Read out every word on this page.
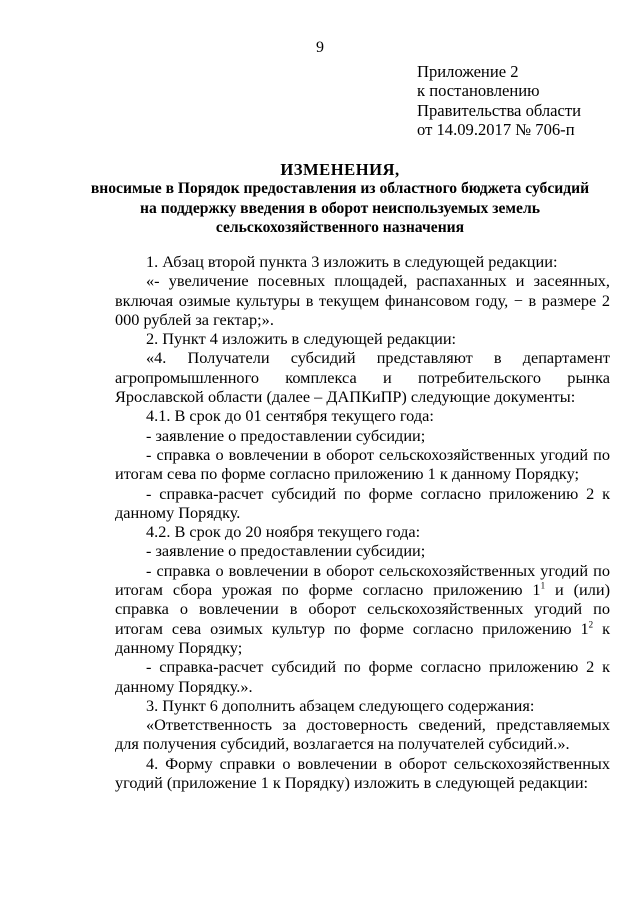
9
Приложение 2
к постановлению
Правительства области
от 14.09.2017 № 706-п
ИЗМЕНЕНИЯ,
вносимые в Порядок предоставления из областного бюджета субсидий
на поддержку введения в оборот неиспользуемых земель
сельскохозяйственного назначения

1. Абзац второй пункта 3 изложить в следующей редакции:

«- увеличение посевных площадей, распаханных и засеянных, включая озимые культуры в текущем финансовом году, − в размере 2 000 рублей за гектар;».

2. Пункт 4 изложить в следующей редакции:

«4. Получатели субсидий представляют в департамент агропромышленного комплекса и потребительского рынка Ярославской области (далее – ДАПКиПР) следующие документы:

4.1. В срок до 01 сентября текущего года:

- заявление о предоставлении субсидии;

- справка о вовлечении в оборот сельскохозяйственных угодий по итогам сева по форме согласно приложению 1 к данному Порядку;

- справка-расчет субсидий по форме согласно приложению 2 к данному Порядку.

4.2. В срок до 20 ноября текущего года:

- заявление о предоставлении субсидии;

- справка о вовлечении в оборот сельскохозяйственных угодий по итогам сбора урожая по форме согласно приложению $1^1$ и (или) справка о вовлечении в оборот сельскохозяйственных угодий по итогам сева озимых культур по форме согласно приложению $1^2$ к данному Порядку;

- справка-расчет субсидий по форме согласно приложению 2 к данному Порядку.».

3. Пункт 6 дополнить абзацем следующего содержания:

«Ответственность за достоверность сведений, представляемых для получения субсидий, возлагается на получателей субсидий.».

4. Форму справки о вовлечении в оборот сельскохозяйственных угодий (приложение 1 к Порядку) изложить в следующей редакции:
